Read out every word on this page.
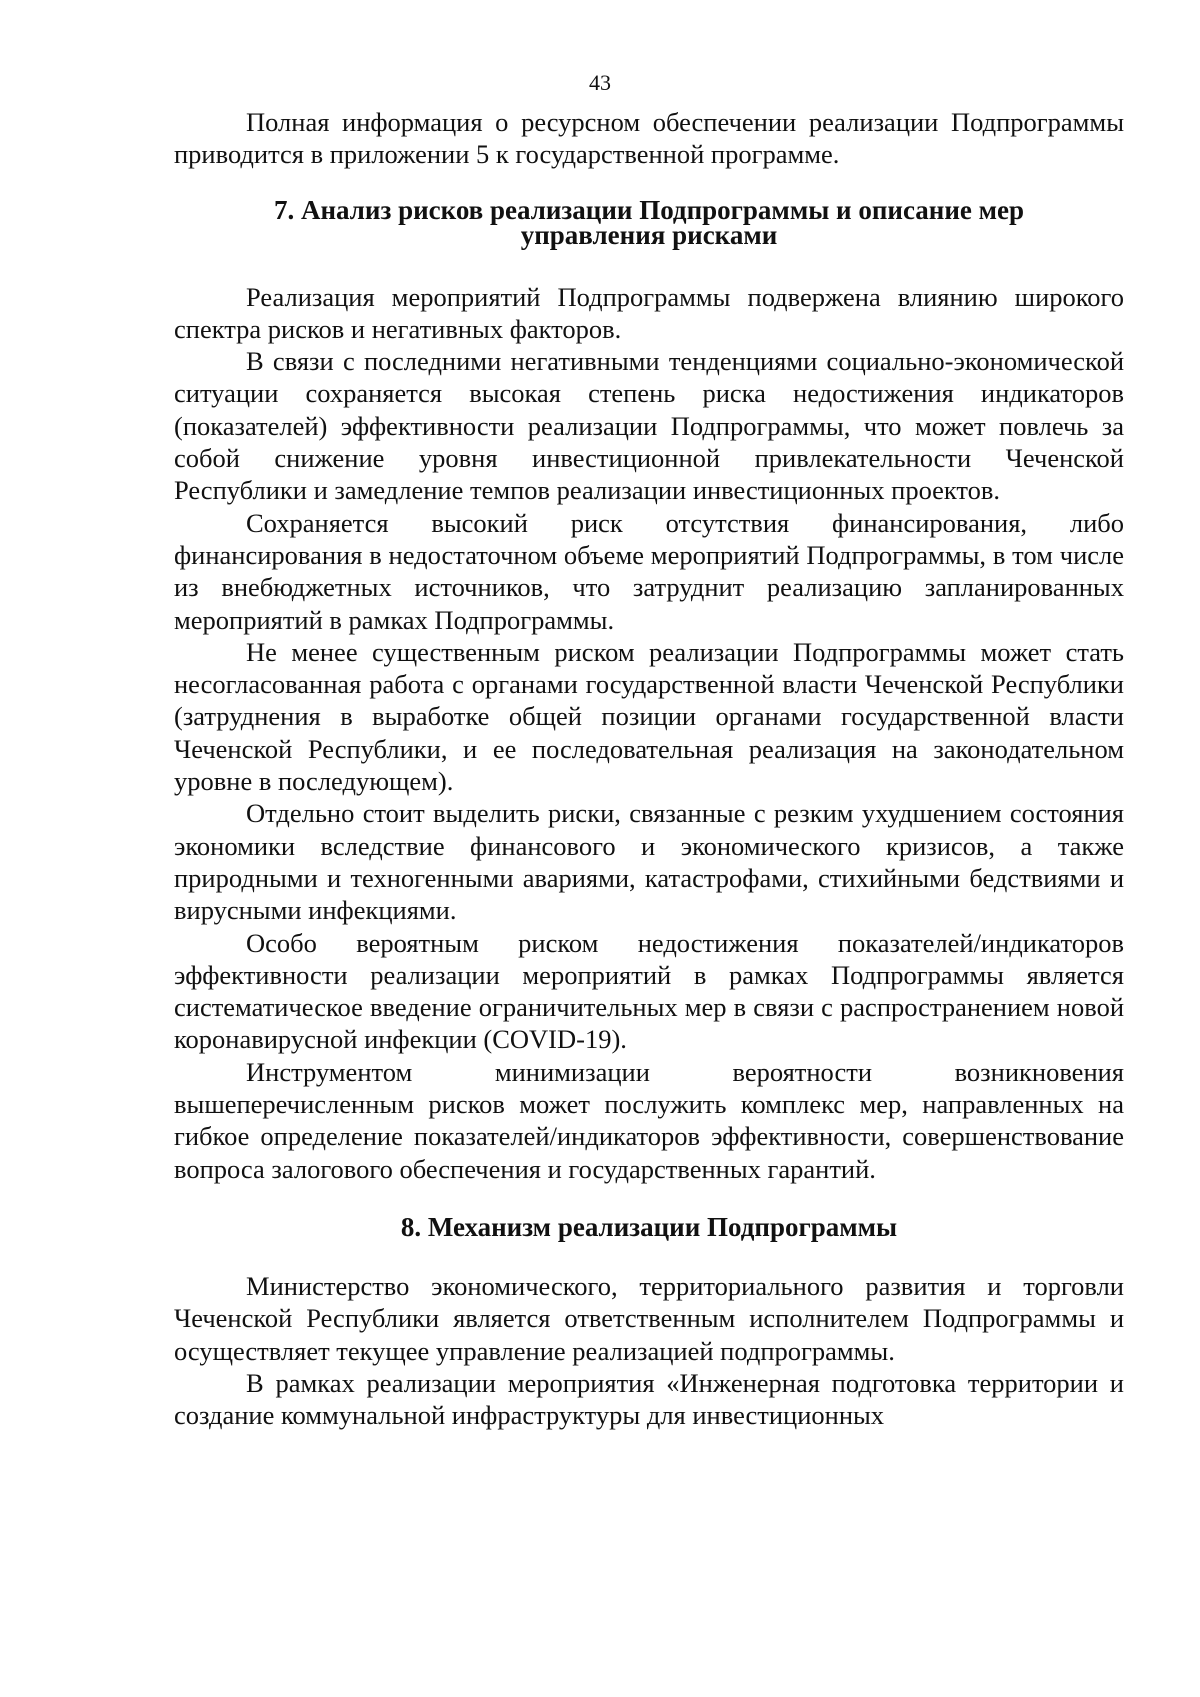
43

Полная информация о ресурсном обеспечении реализации Подпрограммы приводится в приложении 5 к государственной программе.

7. Анализ рисков реализации Подпрограммы и описание мер
управления рисками

Реализация мероприятий Подпрограммы подвержена влиянию широкого спектра рисков и негативных факторов.

В связи с последними негативными тенденциями социально-экономической ситуации сохраняется высокая степень риска недостижения индикаторов (показателей) эффективности реализации Подпрограммы, что может повлечь за собой снижение уровня инвестиционной привлекательности Чеченской Республики и замедление темпов реализации инвестиционных проектов.

Сохраняется высокий риск отсутствия финансирования, либо финансирования в недостаточном объеме мероприятий Подпрограммы, в том числе из внебюджетных источников, что затруднит реализацию запланированных мероприятий в рамках Подпрограммы.

Не менее существенным риском реализации Подпрограммы может стать несогласованная работа с органами государственной власти Чеченской Республики (затруднения в выработке общей позиции органами государственной власти Чеченской Республики, и ее последовательная реализация на законодательном уровне в последующем).

Отдельно стоит выделить риски, связанные с резким ухудшением состояния экономики вследствие финансового и экономического кризисов, а также природными и техногенными авариями, катастрофами, стихийными бедствиями и вирусными инфекциями.

Особо вероятным риском недостижения показателей/индикаторов эффективности реализации мероприятий в рамках Подпрограммы является систематическое введение ограничительных мер в связи с распространением новой коронавирусной инфекции (COVID-19).

Инструментом минимизации вероятности возникновения вышеперечисленным рисков может послужить комплекс мер, направленных на гибкое определение показателей/индикаторов эффективности, совершенствование вопроса залогового обеспечения и государственных гарантий.

8. Механизм реализации Подпрограммы

Министерство экономического, территориального развития и торговли Чеченской Республики является ответственным исполнителем Подпрограммы и осуществляет текущее управление реализацией подпрограммы.

В рамках реализации мероприятия «Инженерная подготовка территории и создание коммунальной инфраструктуры для инвестиционных
